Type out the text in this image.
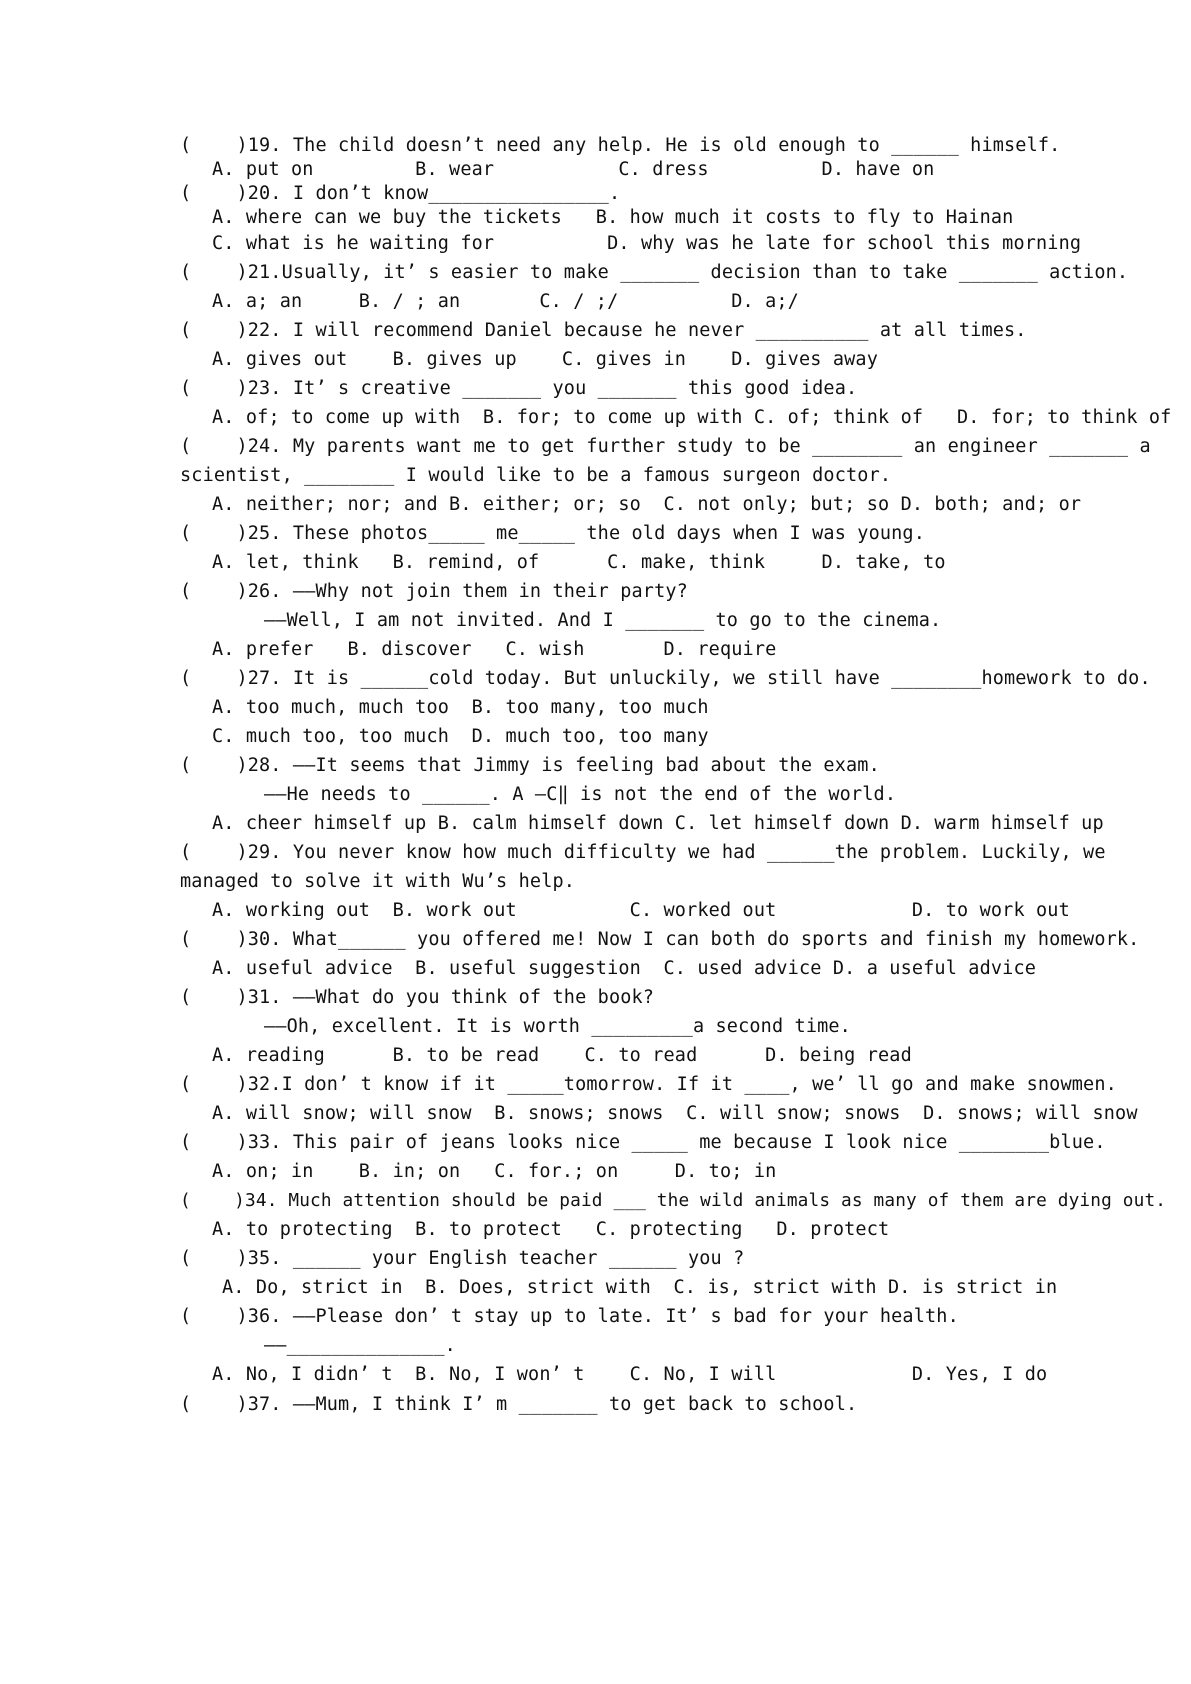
(    )19. The child doesn’t need any help. He is old enough to ______ himself.
A. put on         B. wear           C. dress          D. have on
(    )20. I don’t know________________.
A. where can we buy the tickets   B. how much it costs to fly to Hainan
C. what is he waiting for          D. why was he late for school this morning
(    )21.Usually, it’ s easier to make _______ decision than to take _______ action.
A. a; an     B. / ; an       C. / ;/          D. a;/
(    )22. I will recommend Daniel because he never __________ at all times.
A. gives out    B. gives up    C. gives in    D. gives away
(    )23. It’ s creative _______ you _______ this good idea.
A. of; to come up with  B. for; to come up with C. of; think of   D. for; to think of
(    )24. My parents want me to get further study to be ________ an engineer _______ a
scientist, ________ I would like to be a famous surgeon doctor.
A. neither; nor; and B. either; or; so  C. not only; but; so D. both; and; or
(    )25. These photos_____ me_____ the old days when I was young.
A. let, think   B. remind, of      C. make, think     D. take, to
(    )26. ——Why not join them in their party?
——Well, I am not invited. And I _______ to go to the cinema.
A. prefer   B. discover   C. wish       D. require
(    )27. It is ______cold today. But unluckily, we still have ________homework to do.
A. too much, much too  B. too many, too much
C. much too, too much  D. much too, too many
(    )28. ——It seems that Jimmy is feeling bad about the exam.
——He needs to ______. A —C‖ is not the end of the world.
A. cheer himself up B. calm himself down C. let himself down D. warm himself up
(    )29. You never know how much difficulty we had ______the problem. Luckily, we
managed to solve it with Wu’s help.
A. working out  B. work out          C. worked out            D. to work out
(    )30. What______ you offered me! Now I can both do sports and finish my homework.
A. useful advice  B. useful suggestion  C. used advice D. a useful advice
(    )31. ——What do you think of the book?
——Oh, excellent. It is worth _________a second time.
A. reading      B. to be read    C. to read      D. being read
(    )32.I don’ t know if it _____tomorrow. If it ____, we’ ll go and make snowmen.
A. will snow; will snow  B. snows; snows  C. will snow; snows  D. snows; will snow
(    )33. This pair of jeans looks nice _____ me because I look nice ________blue.
A. on; in    B. in; on   C. for.; on     D. to; in
(    )34. Much attention should be paid ___ the wild animals as many of them are dying out.
A. to protecting  B. to protect   C. protecting   D. protect
(    )35. ______ your English teacher ______ you ?
A. Do, strict in  B. Does, strict with  C. is, strict with D. is strict in
(    )36. ——Please don’ t stay up to late. It’ s bad for your health.
——______________.
A. No, I didn’ t  B. No, I won’ t    C. No, I will            D. Yes, I do
(    )37. ——Mum, I think I’ m _______ to get back to school.
